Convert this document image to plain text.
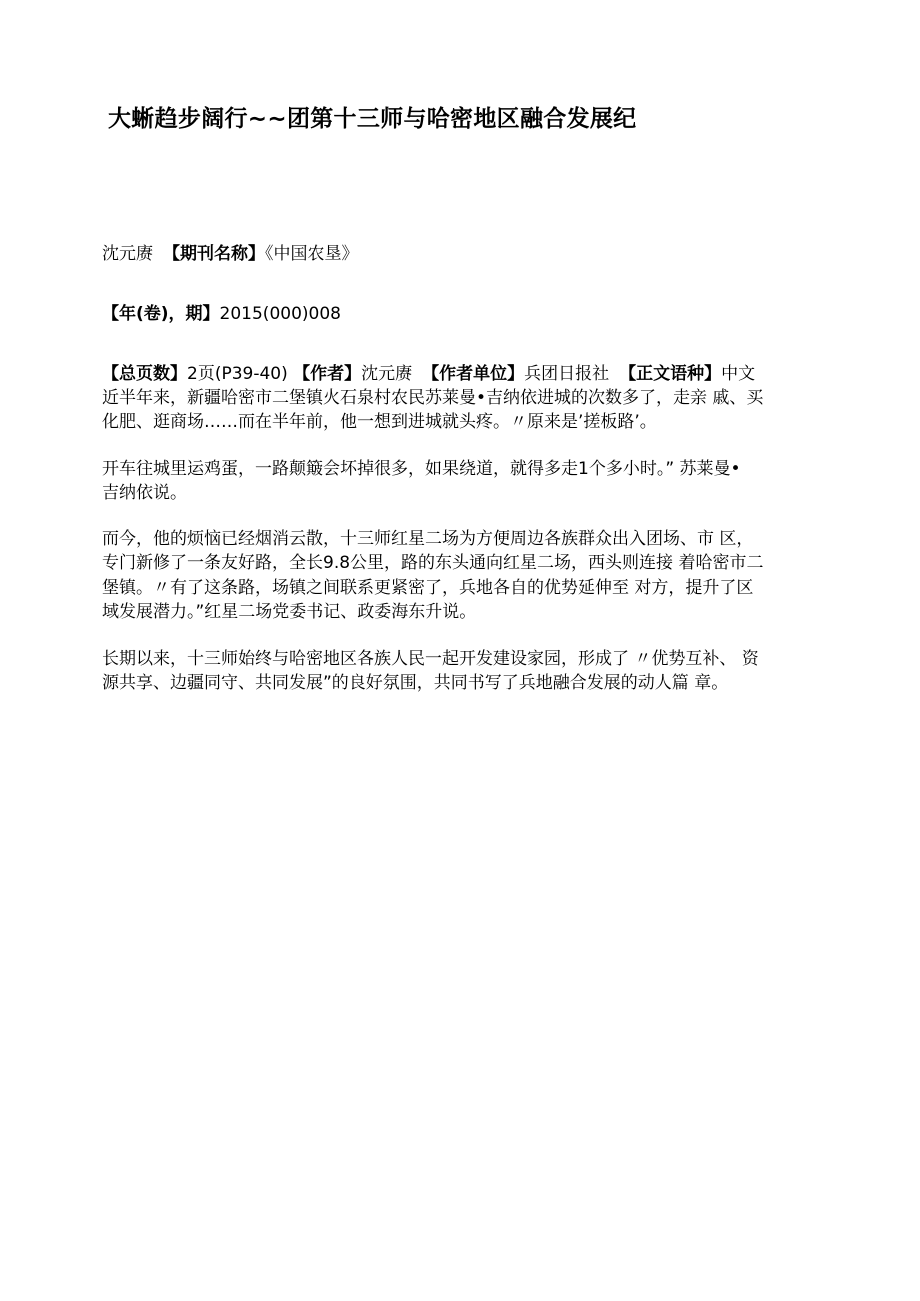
大蜥趋步阔行~~团第十三师与哈密地区融合发展纪
沈元赓 【期刊名称】《中国农垦》
【年(卷)，期】2015(000)008
【总页数】2页(P39-40) 【作者】沈元赓 【作者单位】兵团日报社 【正文语种】中文
近半年来，新疆哈密市二堡镇火石泉村农民苏莱曼•吉纳依进城的次数多了，走亲 戚、买
化肥、逛商场……而在半年前，他一想到进城就头疼。〃原来是’搓板路’。
开车往城里运鸡蛋，一路颠簸会坏掉很多，如果绕道，就得多走1个多小时。” 苏莱曼•
吉纳依说。
而今，他的烦恼已经烟消云散，十三师红星二场为方便周边各族群众出入团场、市 区，
专门新修了一条友好路，全长9.8公里，路的东头通向红星二场，西头则连接 着哈密市二
堡镇。〃有了这条路，场镇之间联系更紧密了，兵地各自的优势延伸至 对方，提升了区
域发展潜力。”红星二场党委书记、政委海东升说。
长期以来，十三师始终与哈密地区各族人民一起开发建设家园，形成了 〃优势互补、 资
源共享、边疆同守、共同发展”的良好氛围，共同书写了兵地融合发展的动人篇 章。
